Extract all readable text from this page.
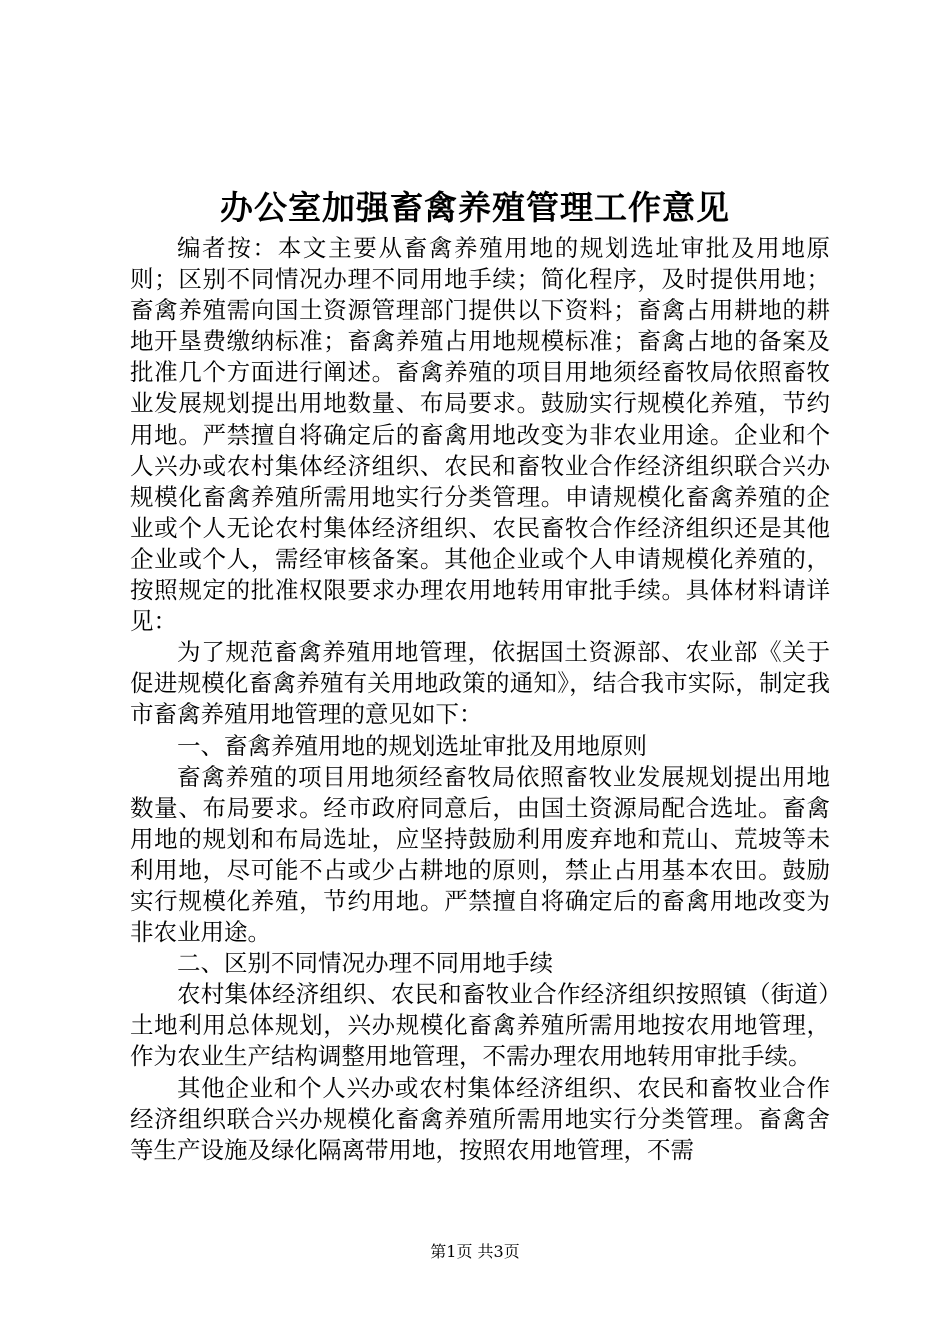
办公室加强畜禽养殖管理工作意见

编者按：本文主要从畜禽养殖用地的规划选址审批及用地原则；区别不同情况办理不同用地手续；简化程序，及时提供用地；畜禽养殖需向国土资源管理部门提供以下资料；畜禽占用耕地的耕地开垦费缴纳标准；畜禽养殖占用地规模标准；畜禽占地的备案及批准几个方面进行阐述。畜禽养殖的项目用地须经畜牧局依照畜牧业发展规划提出用地数量、布局要求。鼓励实行规模化养殖，节约用地。严禁擅自将确定后的畜禽用地改变为非农业用途。企业和个人兴办或农村集体经济组织、农民和畜牧业合作经济组织联合兴办规模化畜禽养殖所需用地实行分类管理。申请规模化畜禽养殖的企业或个人无论农村集体经济组织、农民畜牧合作经济组织还是其他企业或个人，需经审核备案。其他企业或个人申请规模化养殖的，按照规定的批准权限要求办理农用地转用审批手续。具体材料请详见：

为了规范畜禽养殖用地管理，依据国土资源部、农业部《关于促进规模化畜禽养殖有关用地政策的通知》，结合我市实际，制定我市畜禽养殖用地管理的意见如下：

一、畜禽养殖用地的规划选址审批及用地原则

畜禽养殖的项目用地须经畜牧局依照畜牧业发展规划提出用地数量、布局要求。经市政府同意后，由国土资源局配合选址。畜禽用地的规划和布局选址，应坚持鼓励利用废弃地和荒山、荒坡等未利用地，尽可能不占或少占耕地的原则，禁止占用基本农田。鼓励实行规模化养殖，节约用地。严禁擅自将确定后的畜禽用地改变为非农业用途。

二、区别不同情况办理不同用地手续

农村集体经济组织、农民和畜牧业合作经济组织按照镇（街道）土地利用总体规划，兴办规模化畜禽养殖所需用地按农用地管理，作为农业生产结构调整用地管理，不需办理农用地转用审批手续。

其他企业和个人兴办或农村集体经济组织、农民和畜牧业合作经济组织联合兴办规模化畜禽养殖所需用地实行分类管理。畜禽舍等生产设施及绿化隔离带用地，按照农用地管理，不需

第1页 共3页
